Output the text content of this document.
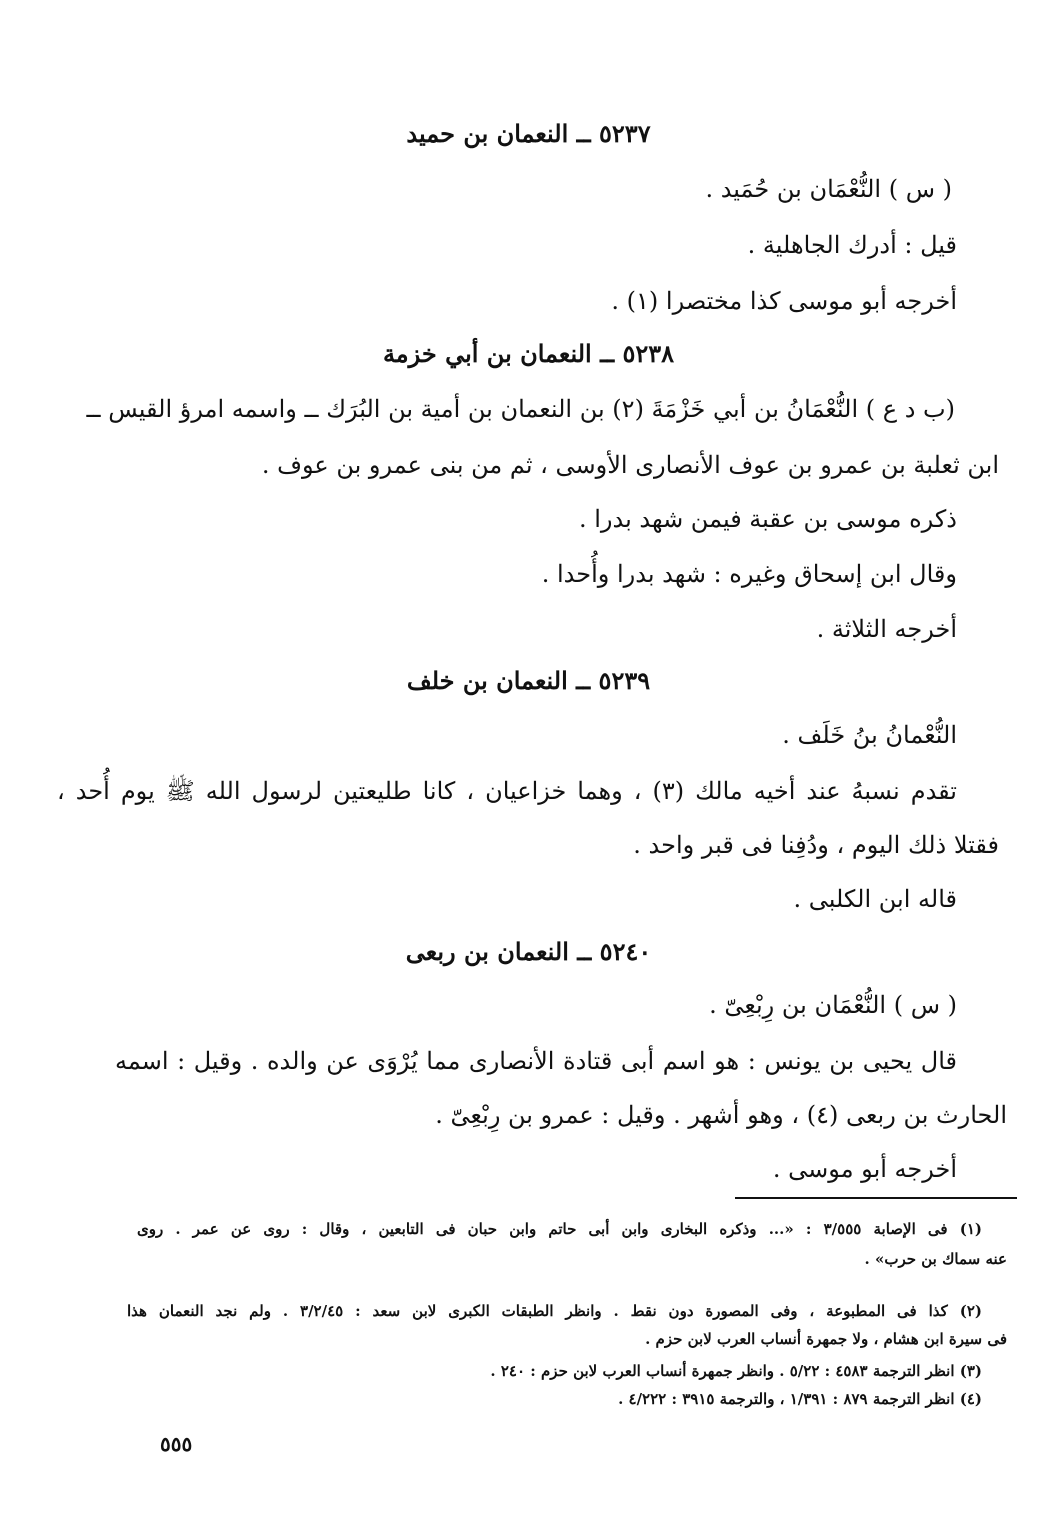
٥٢٣٧ ــ النعمان بن حميد
( س ) النُّعْمَان بن حُمَيد .
قيل : أدرك الجاهلية .
أخرجه أبو موسى كذا مختصرا (١) .
٥٢٣٨ ــ النعمان بن أبي خزمة
(ب د ع ) النُّعْمَانُ بن أبي خَزْمَةَ (٢) بن النعمان بن أمية بن البُرَك ــ واسمه امرؤ القيس ــ
ابن ثعلبة بن عمرو بن عوف الأنصارى الأوسى ، ثم من بنى عمرو بن عوف .
ذكره موسى بن عقبة فيمن شهد بدرا .
وقال ابن إسحاق وغيره : شهد بدرا وأُحدا .
أخرجه الثلاثة .
٥٢٣٩ ــ النعمان بن خلف
النُّعْمانُ بنُ خَلَف .
تقدم نسبهُ عند أخيه مالك (٣) ، وهما خزاعيان ، كانا طليعتين لرسول الله ﷺ يوم أُحد ،
فقتلا ذلك اليوم ، ودُفِنا فى قبر واحد .
قاله ابن الكلبى .
٥٢٤٠ ــ النعمان بن ربعى
( س ) النُّعْمَان بن رِبْعِىّ .
قال يحيى بن يونس : هو اسم أبى قتادة الأنصارى مما يُرْوَى عن والده . وقيل : اسمه
الحارث بن ربعى (٤) ، وهو أشهر . وقيل : عمرو بن رِبْعِىّ .
أخرجه أبو موسى .
(١) فى الإصابة ٣/٥٥٥ : «... وذكره البخارى وابن أبى حاتم وابن حبان فى التابعين ، وقال : روى عن عمر . روى
عنه سماك بن حرب» .
(٢) كذا فى المطبوعة ، وفى المصورة دون نقط . وانظر الطبقات الكبرى لابن سعد : ٣/٢/٤٥ . ولم نجد النعمان هذا
فى سيرة ابن هشام ، ولا جمهرة أنساب العرب لابن حزم .
(٣) انظر الترجمة ٤٥٨٣ : ٥/٢٢ . وانظر جمهرة أنساب العرب لابن حزم : ٢٤٠ .
(٤) انظر الترجمة ٨٧٩ : ١/٣٩١ ، والترجمة ٣٩١٥ : ٤/٢٢٢ .
٥٥٥
